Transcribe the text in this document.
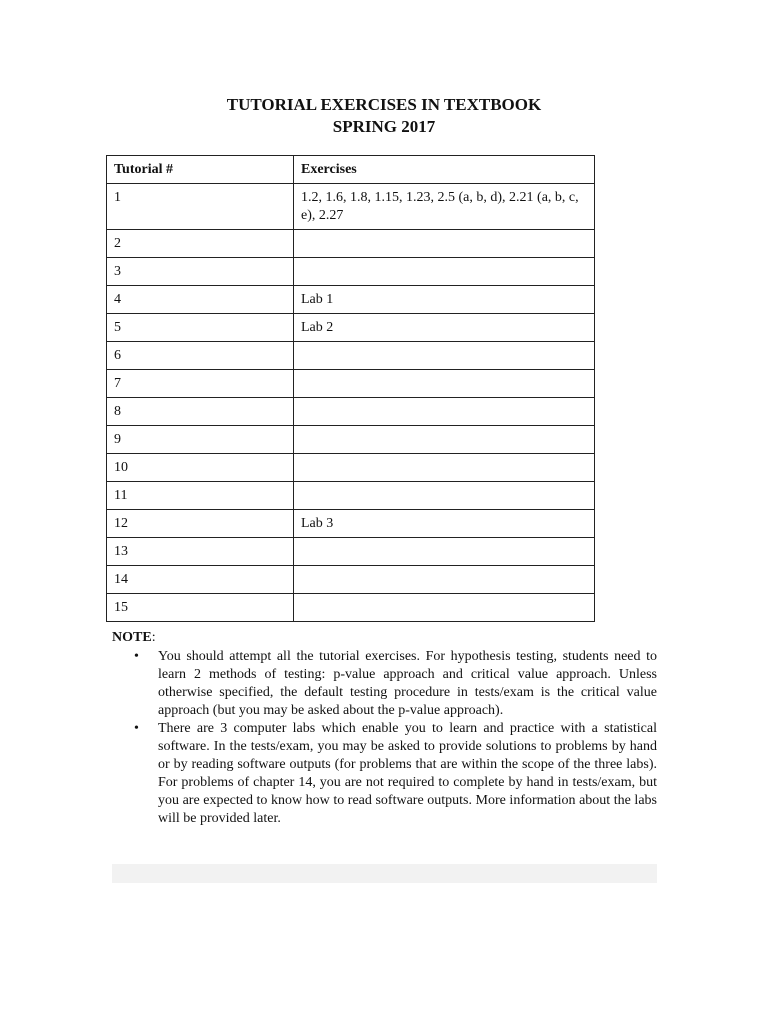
TUTORIAL EXERCISES IN TEXTBOOK
SPRING 2017
Tutorial #	Exercises
1	1.2, 1.6, 1.8, 1.15, 1.23, 2.5 (a, b, d), 2.21 (a, b, c, e), 2.27
2	
3	
4	Lab 1
5	Lab 2
6	
7	
8	
9	
10	
11	
12	Lab 3
13	
14	
15	
NOTE:
• You should attempt all the tutorial exercises. For hypothesis testing, students need to learn 2 methods of testing: p-value approach and critical value approach. Unless otherwise specified, the default testing procedure in tests/exam is the critical value approach (but you may be asked about the p-value approach).
• There are 3 computer labs which enable you to learn and practice with a statistical software. In the tests/exam, you may be asked to provide solutions to problems by hand or by reading software outputs (for problems that are within the scope of the three labs). For problems of chapter 14, you are not required to complete by hand in tests/exam, but you are expected to know how to read software outputs. More information about the labs will be provided later.
